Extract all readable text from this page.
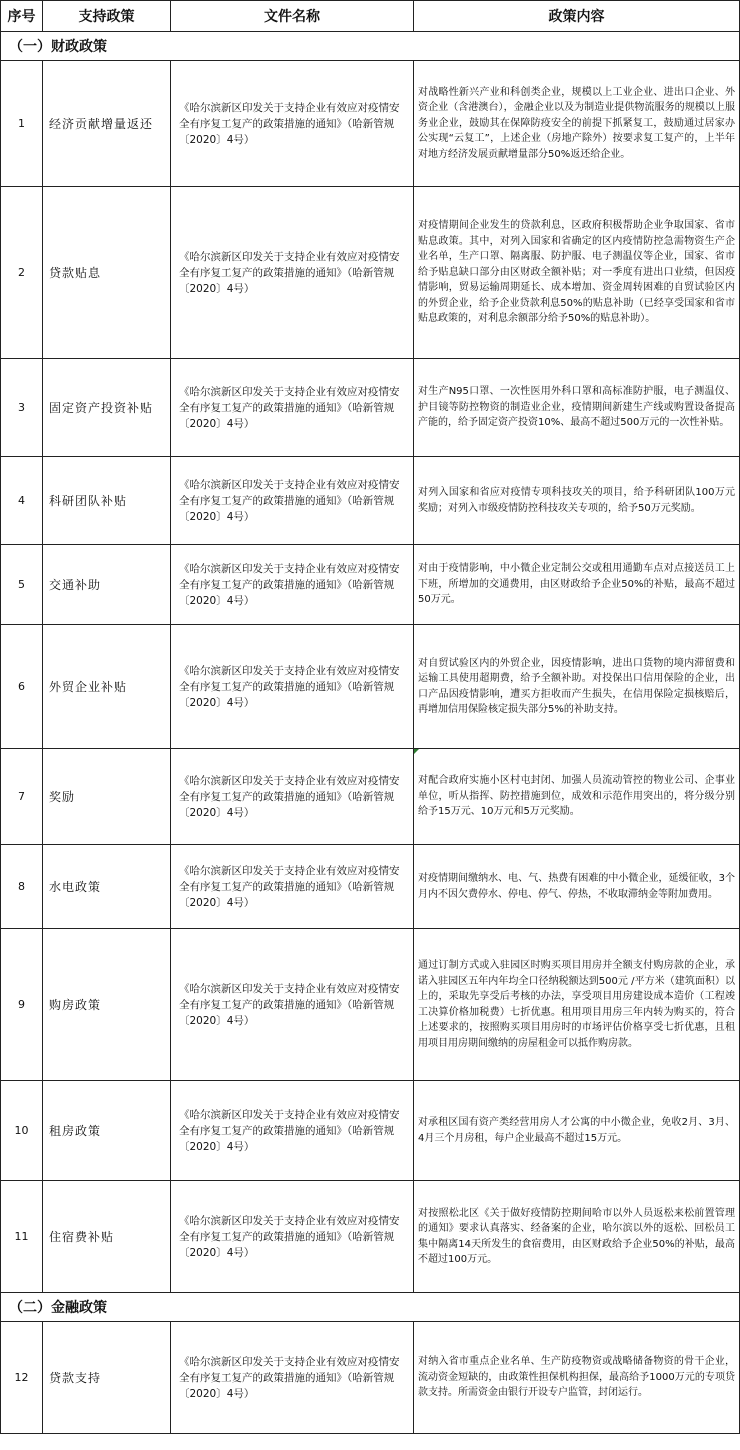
序号	支持政策	文件名称	政策内容
（一）财政政策			
1	经济贡献增量返还	《哈尔滨新区印发关于支持企业有效应对疫情安全有序复工复产的政策措施的通知》（哈新管规〔2020〕4号）	对战略性新兴产业和科创类企业，规模以上工业企业、进出口企业、外资企业（含港澳台），金融企业以及为制造业提供物流服务的规模以上服务业企业，鼓励其在保障防疫安全的前提下抓紧复工，鼓励通过居家办公实现“云复工”，上述企业（房地产除外）按要求复工复产的，上半年对地方经济发展贡献增量部分50%返还给企业。
2	贷款贴息	《哈尔滨新区印发关于支持企业有效应对疫情安全有序复工复产的政策措施的通知》（哈新管规〔2020〕4号）	对疫情期间企业发生的贷款利息，区政府积极帮助企业争取国家、省市贴息政策。其中，对列入国家和省确定的区内疫情防控急需物资生产企业名单，生产口罩、隔离服、防护服、电子测温仪等企业，国家、省市给予贴息缺口部分由区财政全额补贴；对一季度有进出口业绩，但因疫情影响，贸易运输周期延长、成本增加、资金周转困难的自贸试验区内的外贸企业，给予企业贷款利息50%的贴息补助（已经享受国家和省市贴息政策的，对利息余额部分给予50%的贴息补助）。
3	固定资产投资补贴	《哈尔滨新区印发关于支持企业有效应对疫情安全有序复工复产的政策措施的通知》（哈新管规〔2020〕4号）	对生产N95口罩、一次性医用外科口罩和高标准防护服，电子测温仪、护目镜等防控物资的制造业企业，疫情期间新建生产线或购置设备提高产能的，给予固定资产投资10%、最高不超过500万元的一次性补贴。
4	科研团队补贴	《哈尔滨新区印发关于支持企业有效应对疫情安全有序复工复产的政策措施的通知》（哈新管规〔2020〕4号）	对列入国家和省应对疫情专项科技攻关的项目，给予科研团队100万元奖励；对列入市级疫情防控科技攻关专项的，给予50万元奖励。
5	交通补助	《哈尔滨新区印发关于支持企业有效应对疫情安全有序复工复产的政策措施的通知》（哈新管规〔2020〕4号）	对由于疫情影响，中小微企业定制公交或租用通勤车点对点接送员工上下班，所增加的交通费用，由区财政给予企业50%的补贴，最高不超过50万元。
6	外贸企业补贴	《哈尔滨新区印发关于支持企业有效应对疫情安全有序复工复产的政策措施的通知》（哈新管规〔2020〕4号）	对自贸试验区内的外贸企业，因疫情影响，进出口货物的境内滞留费和运输工具使用超期费，给予全额补助。对投保出口信用保险的企业，出口产品因疫情影响，遭买方拒收而产生损失，在信用保险定损核赔后，再增加信用保险核定损失部分5%的补助支持。
7	奖励	《哈尔滨新区印发关于支持企业有效应对疫情安全有序复工复产的政策措施的通知》（哈新管规〔2020〕4号）	对配合政府实施小区村屯封闭、加强人员流动管控的物业公司、企事业单位，听从指挥、防控措施到位，成效和示范作用突出的，将分级分别给予15万元、10万元和5万元奖励。
8	水电政策	《哈尔滨新区印发关于支持企业有效应对疫情安全有序复工复产的政策措施的通知》（哈新管规〔2020〕4号）	对疫情期间缴纳水、电、气、热费有困难的中小微企业，延缓征收，3个月内不因欠费停水、停电、停气、停热，不收取滞纳金等附加费用。
9	购房政策	《哈尔滨新区印发关于支持企业有效应对疫情安全有序复工复产的政策措施的通知》（哈新管规〔2020〕4号）	通过订制方式或入驻园区时购买项目用房并全额支付购房款的企业，承诺入驻园区五年内年均全口径纳税额达到500元 /平方米（建筑面积）以上的，采取先享受后考核的办法，享受项目用房建设成本造价（工程竣工决算价格加税费）七折优惠。租用项目用房三年内转为购买的，符合上述要求的，按照购买项目用房时的市场评估价格享受七折优惠，且租用项目用房期间缴纳的房屋租金可以抵作购房款。
10	租房政策	《哈尔滨新区印发关于支持企业有效应对疫情安全有序复工复产的政策措施的通知》（哈新管规〔2020〕4号）	对承租区国有资产类经营用房人才公寓的中小微企业，免收2月、3月、4月三个月房租，每户企业最高不超过15万元。
11	住宿费补贴	《哈尔滨新区印发关于支持企业有效应对疫情安全有序复工复产的政策措施的通知》（哈新管规〔2020〕4号）	对按照松北区《关于做好疫情防控期间哈市以外人员返松来松前置管理的通知》要求认真落实、经备案的企业，哈尔滨以外的返松、回松员工集中隔离14天所发生的食宿费用，由区财政给予企业50%的补贴，最高不超过100万元。
（二）金融政策			
12	贷款支持	《哈尔滨新区印发关于支持企业有效应对疫情安全有序复工复产的政策措施的通知》（哈新管规〔2020〕4号）	对纳入省市重点企业名单、生产防疫物资或战略储备物资的骨干企业，流动资金短缺的，由政策性担保机构担保，最高给予1000万元的专项贷款支持。所需资金由银行开设专户监管，封闭运行。
